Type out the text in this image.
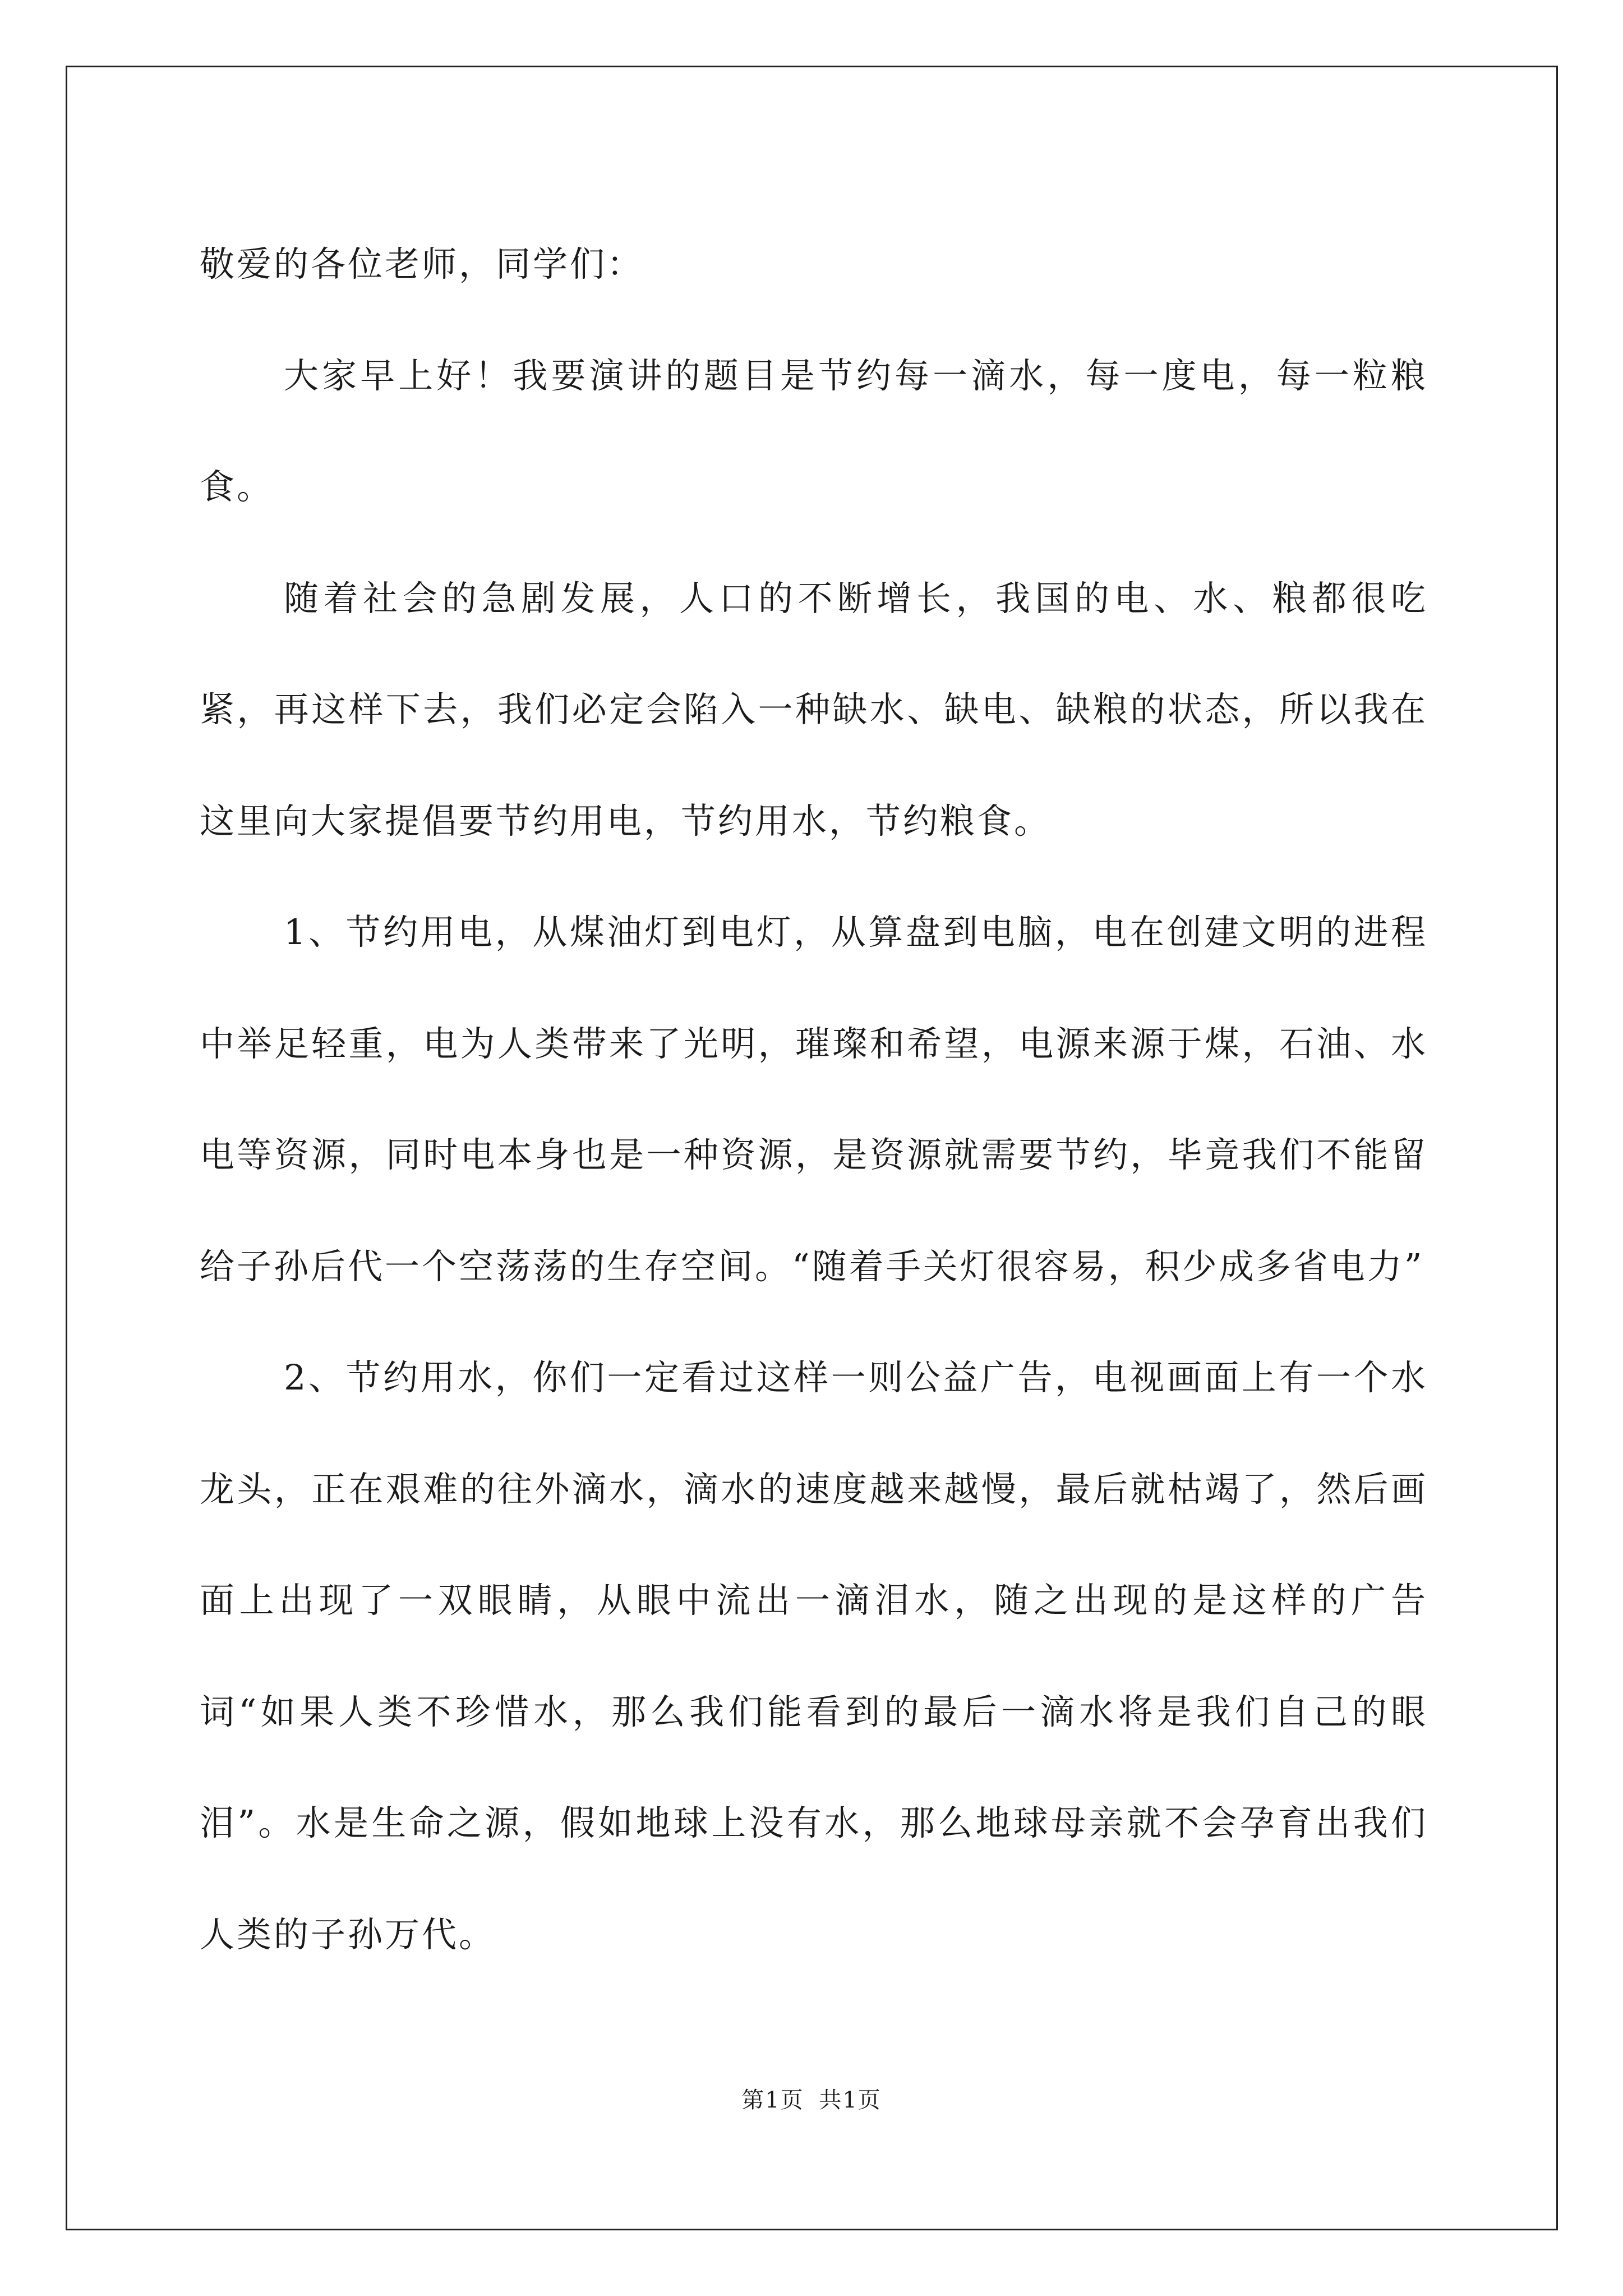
敬爱的各位老师，同学们：

大家早上好！我要演讲的题目是节约每一滴水，每一度电，每一粒粮食。

随着社会的急剧发展，人口的不断增长，我国的电、水、粮都很吃紧，再这样下去，我们必定会陷入一种缺水、缺电、缺粮的状态，所以我在这里向大家提倡要节约用电，节约用水，节约粮食。

1、节约用电，从煤油灯到电灯，从算盘到电脑，电在创建文明的进程中举足轻重，电为人类带来了光明，璀璨和希望，电源来源于煤，石油、水电等资源，同时电本身也是一种资源，是资源就需要节约，毕竟我们不能留给子孙后代一个空荡荡的生存空间。“随着手关灯很容易，积少成多省电力”

2、节约用水，你们一定看过这样一则公益广告，电视画面上有一个水龙头，正在艰难的往外滴水，滴水的速度越来越慢，最后就枯竭了，然后画面上出现了一双眼睛，从眼中流出一滴泪水，随之出现的是这样的广告词“如果人类不珍惜水，那么我们能看到的最后一滴水将是我们自己的眼泪”。水是生命之源，假如地球上没有水，那么地球母亲就不会孕育出我们人类的子孙万代。

第1页 共1页
